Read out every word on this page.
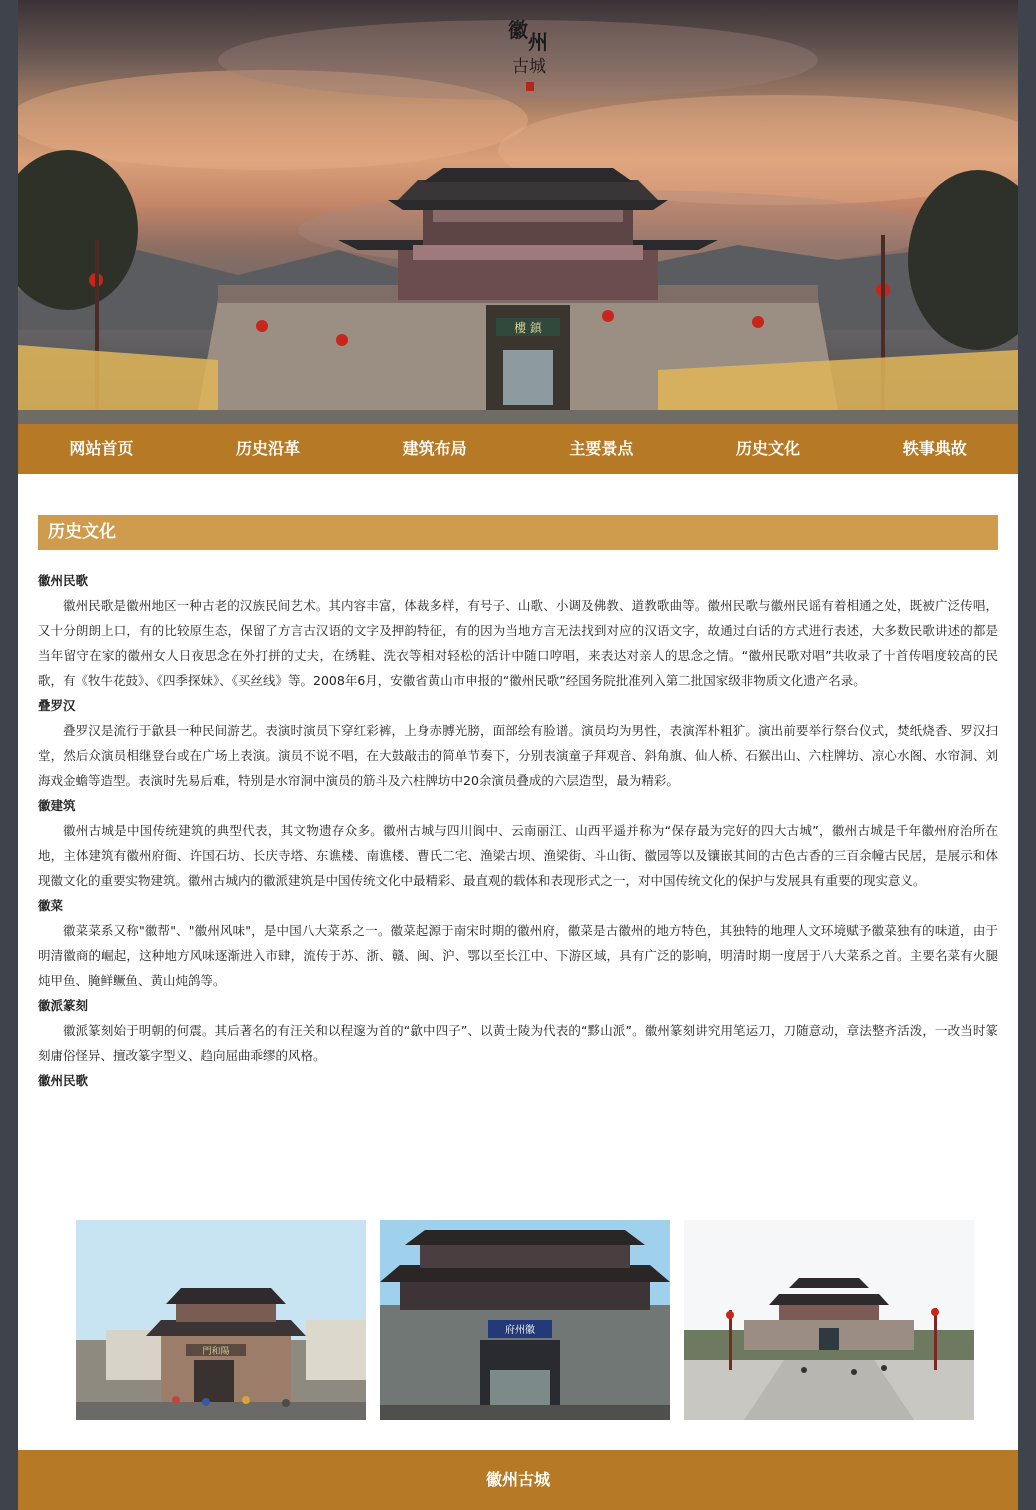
樓 鎮
徽 州
古城
网站首页	历史沿革	建筑布局	主要景点	历史文化	轶事典故
历史文化
徽州民歌

徽州民歌是徽州地区一种古老的汉族民间艺术。其内容丰富，体裁多样，有号子、山歌、小调及佛教、道教歌曲等。徽州民歌与徽州民谣有着相通之处，既被广泛传唱，又十分朗朗上口，有的比较原生态，保留了方言古汉语的文字及押韵特征，有的因为当地方言无法找到对应的汉语文字，故通过白话的方式进行表述，大多数民歌讲述的都是当年留守在家的徽州女人日夜思念在外打拼的丈夫，在绣鞋、洗衣等相对轻松的活计中随口哼唱，来表达对亲人的思念之情。“徽州民歌对唱”共收录了十首传唱度较高的民歌，有《牧牛花鼓》、《四季探妹》、《买丝线》等。2008年6月，安徽省黄山市申报的“徽州民歌”经国务院批准列入第二批国家级非物质文化遗产名录。

叠罗汉

叠罗汉是流行于歙县一种民间游艺。表演时演员下穿红彩裤，上身赤膊光膀，面部绘有脸谱。演员均为男性，表演浑朴粗犷。演出前要举行祭台仪式，焚纸烧香、罗汉扫堂，然后众演员相继登台或在广场上表演。演员不说不唱，在大鼓敲击的简单节奏下，分别表演童子拜观音、斜角旗、仙人桥、石猴出山、六柱牌坊、凉心水阁、水帘洞、刘海戏金蟾等造型。表演时先易后难，特别是水帘洞中演员的筋斗及六柱牌坊中20余演员叠成的六层造型，最为精彩。

徽建筑

徽州古城是中国传统建筑的典型代表，其文物遗存众多。徽州古城与四川阆中、云南丽江、山西平遥并称为“保存最为完好的四大古城”，徽州古城是千年徽州府治所在地，主体建筑有徽州府衙、许国石坊、长庆寺塔、东谯楼、南谯楼、曹氏二宅、渔梁古坝、渔梁街、斗山街、徽园等以及镶嵌其间的古色古香的三百余幢古民居，是展示和体现徽文化的重要实物建筑。徽州古城内的徽派建筑是中国传统文化中最精彩、最直观的载体和表现形式之一，对中国传统文化的保护与发展具有重要的现实意义。

徽菜

徽菜菜系又称"徽帮"、"徽州风味"，是中国八大菜系之一。徽菜起源于南宋时期的徽州府，徽菜是古徽州的地方特色，其独特的地理人文环境赋予徽菜独有的味道，由于明清徽商的崛起，这种地方风味逐渐进入市肆，流传于苏、浙、赣、闽、沪、鄂以至长江中、下游区域，具有广泛的影响，明清时期一度居于八大菜系之首。主要名菜有火腿炖甲鱼、腌鲜鳜鱼、黄山炖鸽等。

徽派篆刻

徽派篆刻始于明朝的何震。其后著名的有汪关和以程邃为首的“歙中四子”、以黄士陵为代表的“黟山派”。徽州篆刻讲究用笔运刀，刀随意动，章法整齐活泼，一改当时篆刻庸俗怪异、擅改篆字型义、趋向屈曲乖缪的风格。

徽州民歌
門和陽
府州徽
徽州古城
